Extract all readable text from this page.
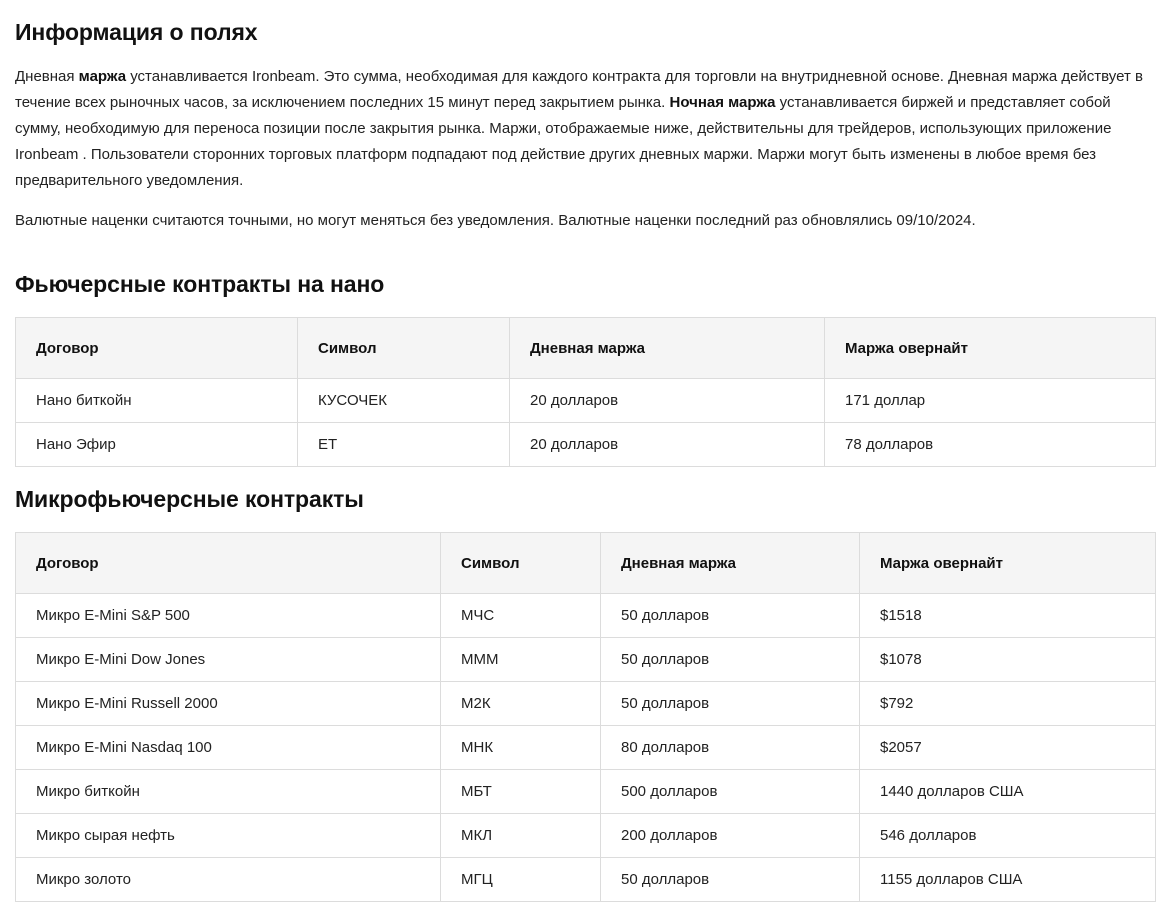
Информация о полях

Дневная маржа устанавливается Ironbeam. Это сумма, необходимая для каждого контракта для торговли на внутридневной основе. Дневная маржа действует в течение всех рыночных часов, за исключением последних 15 минут перед закрытием рынка. Ночная маржа устанавливается биржей и представляет собой сумму, необходимую для переноса позиции после закрытия рынка. Маржи, отображаемые ниже, действительны для трейдеров, использующих приложение Ironbeam . Пользователи сторонних торговых платформ подпадают под действие других дневных маржи. Маржи могут быть изменены в любое время без предварительного уведомления.

Валютные наценки считаются точными, но могут меняться без уведомления. Валютные наценки последний раз обновлялись 09/10/2024.

Фьючерсные контракты на нано
Договор	Символ	Дневная маржа	Маржа овернайт
Нано биткойн	КУСОЧЕК	20 долларов	171 доллар
Нано Эфир	ЕТ	20 долларов	78 долларов
Микрофьючерсные контракты
Договор	Символ	Дневная маржа	Маржа овернайт
Микро E-Mini S&P 500	МЧС	50 долларов	$1518
Микро E-Mini Dow Jones	МММ	50 долларов	$1078
Микро E-Mini Russell 2000	М2К	50 долларов	$792
Микро E-Mini Nasdaq 100	МНК	80 долларов	$2057
Микро биткойн	МБТ	500 долларов	1440 долларов США
Микро сырая нефть	МКЛ	200 долларов	546 долларов
Микро золото	МГЦ	50 долларов	1155 долларов США
